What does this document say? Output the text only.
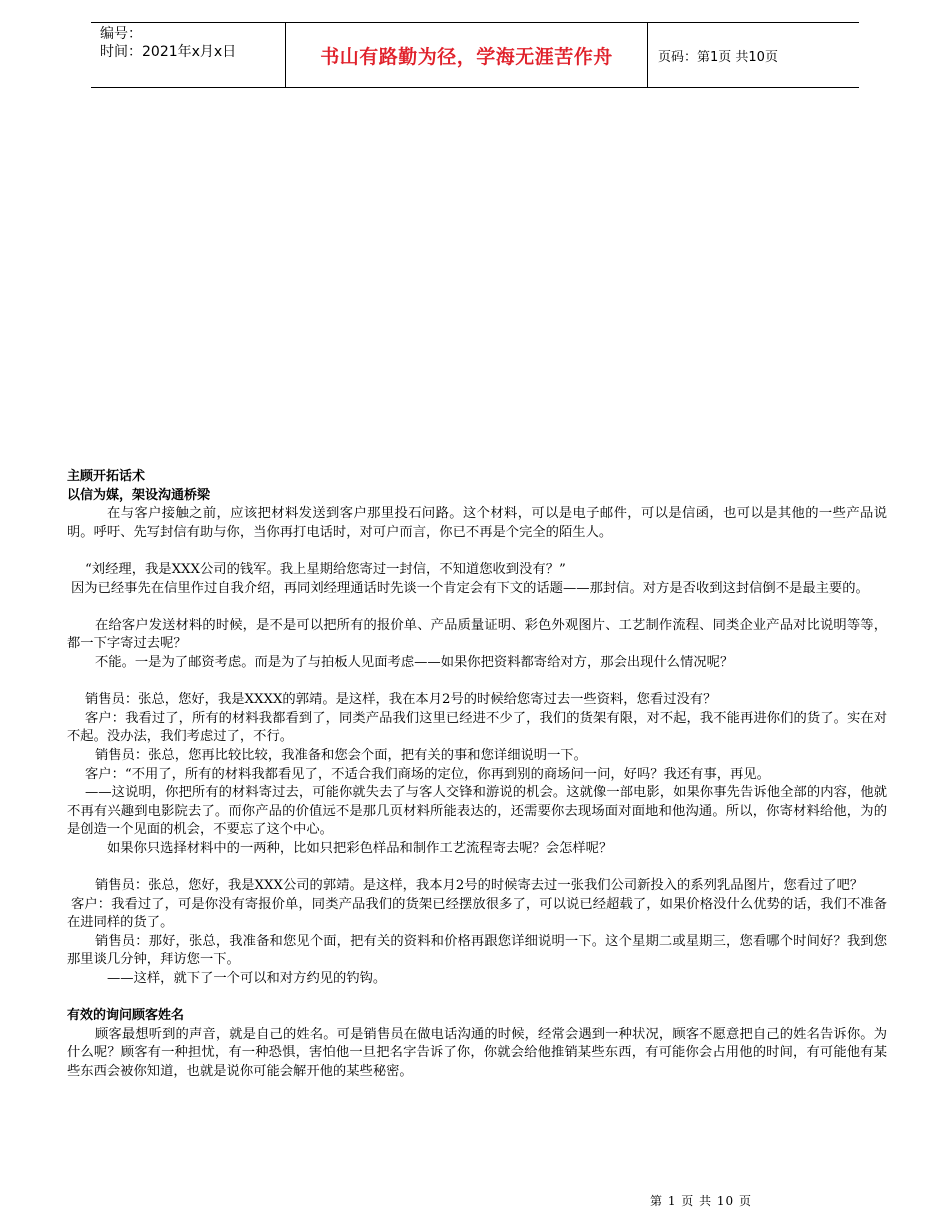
编号：
时间：2021年x月x日	书山有路勤为径，学海无涯苦作舟	页码：第1页 共10页

主顾开拓话术

以信为媒，架设沟通桥梁

在与客户接触之前，应该把材料发送到客户那里投石问路。这个材料，可以是电子邮件，可以是信函，也可以是其他的一些产品说明。呼吁、先写封信有助与你，当你再打电话时，对可户而言，你已不再是个完全的陌生人。

“刘经理，我是XXX公司的钱军。我上星期给您寄过一封信，不知道您收到没有？”

因为已经事先在信里作过自我介绍，再同刘经理通话时先谈一个肯定会有下文的话题——那封信。对方是否收到这封信倒不是最主要的。

在给客户发送材料的时候，是不是可以把所有的报价单、产品质量证明、彩色外观图片、工艺制作流程、同类企业产品对比说明等等，都一下字寄过去呢？

不能。一是为了邮资考虑。而是为了与拍板人见面考虑——如果你把资料都寄给对方，那会出现什么情况呢？

销售员：张总，您好，我是XXXX的郭靖。是这样，我在本月2号的时候给您寄过去一些资料，您看过没有？

客户：我看过了，所有的材料我都看到了，同类产品我们这里已经进不少了，我们的货架有限，对不起，我不能再进你们的货了。实在对不起。没办法，我们考虑过了，不行。

销售员：张总，您再比较比较，我准备和您会个面，把有关的事和您详细说明一下。

客户：“不用了，所有的材料我都看见了，不适合我们商场的定位，你再到别的商场问一问，好吗？我还有事，再见。

——这说明，你把所有的材料寄过去，可能你就失去了与客人交锋和游说的机会。这就像一部电影，如果你事先告诉他全部的内容，他就不再有兴趣到电影院去了。而你产品的价值远不是那几页材料所能表达的，还需要你去现场面对面地和他沟通。所以，你寄材料给他，为的是创造一个见面的机会，不要忘了这个中心。

如果你只选择材料中的一两种，比如只把彩色样品和制作工艺流程寄去呢？会怎样呢？

销售员：张总，您好，我是XXX公司的郭靖。是这样，我本月2号的时候寄去过一张我们公司新投入的系列乳品图片，您看过了吧？

客户：我看过了，可是你没有寄报价单，同类产品我们的货架已经摆放很多了，可以说已经超载了，如果价格没什么优势的话，我们不准备在进同样的货了。

销售员：那好，张总，我准备和您见个面，把有关的资料和价格再跟您详细说明一下。这个星期二或星期三，您看哪个时间好？我到您那里谈几分钟，拜访您一下。

——这样，就下了一个可以和对方约见的钓钩。

有效的询问顾客姓名

顾客最想听到的声音，就是自己的姓名。可是销售员在做电话沟通的时候，经常会遇到一种状况，顾客不愿意把自己的姓名告诉你。为什么呢？顾客有一种担忧，有一种恐惧，害怕他一旦把名字告诉了你，你就会给他推销某些东西，有可能你会占用他的时间，有可能他有某些东西会被你知道，也就是说你可能会解开他的某些秘密。

第 1 页 共 10 页
